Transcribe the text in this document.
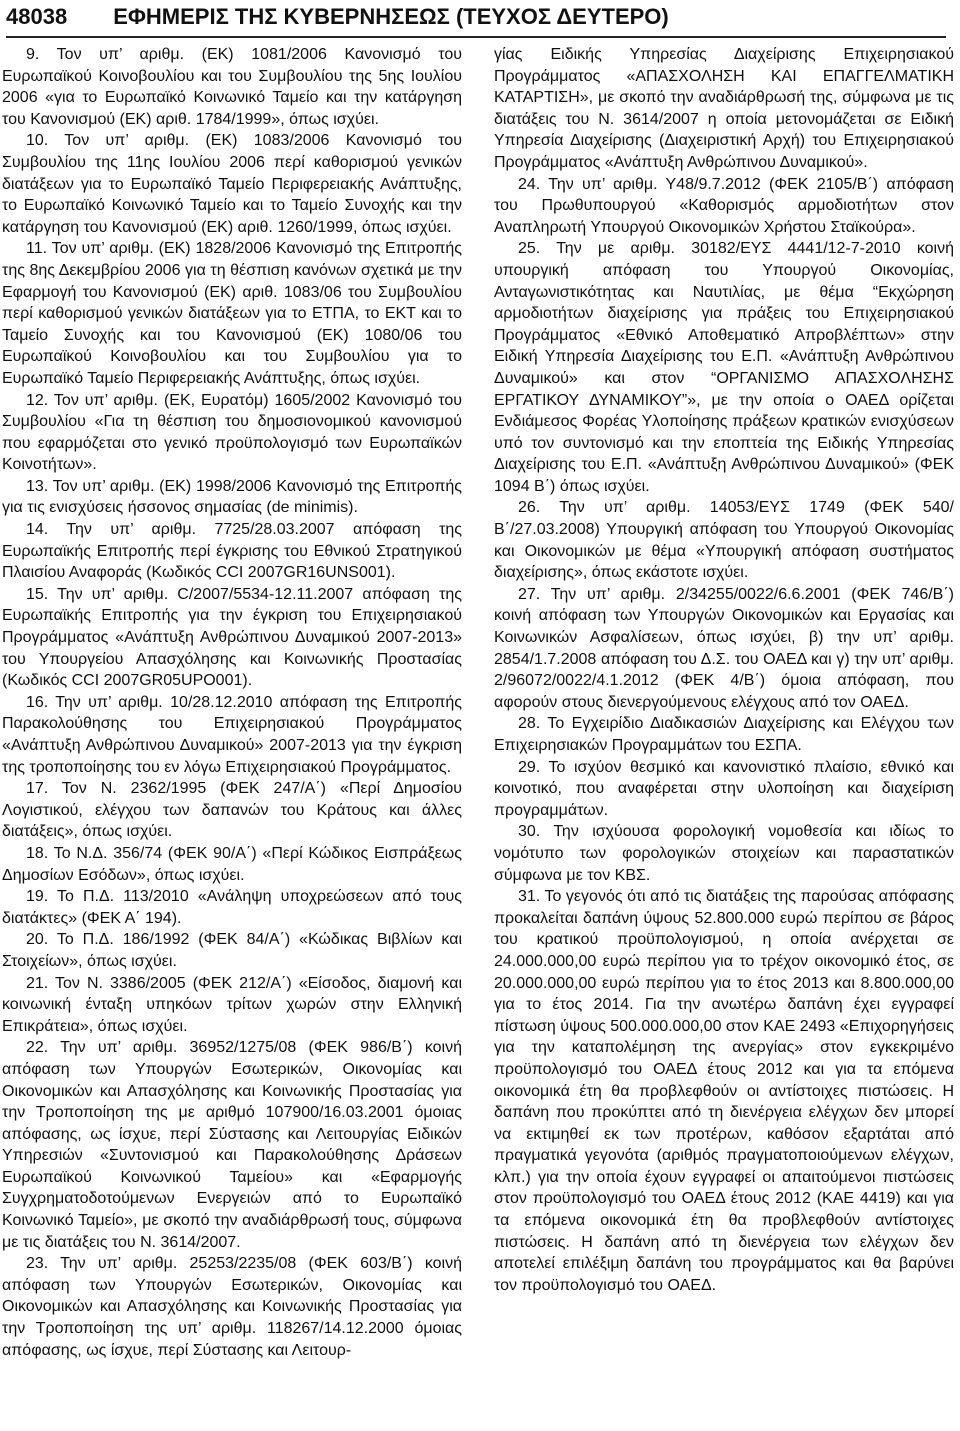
48038 ΕΦΗΜΕΡΙΣ ΤΗΣ ΚΥΒΕΡΝΗΣΕΩΣ (ΤΕΥΧΟΣ ΔΕΥΤΕΡΟ)

9. Τον υπ’ αριθμ. (ΕΚ) 1081/2006 Κανονισμό του Ευρωπαϊκού Κοινοβουλίου και του Συμβουλίου της 5ης Ιουλίου 2006 «για το Ευρωπαϊκό Κοινωνικό Ταμείο και την κατάργηση του Κανονισμού (ΕΚ) αριθ. 1784/1999», όπως ισχύει.

10. Τον υπ’ αριθμ. (ΕΚ) 1083/2006 Κανονισμό του Συμβουλίου της 11ης Ιουλίου 2006 περί καθορισμού γενικών διατάξεων για το Ευρωπαϊκό Ταμείο Περιφερειακής Ανάπτυξης, το Ευρωπαϊκό Κοινωνικό Ταμείο και το Ταμείο Συνοχής και την κατάργηση του Κανονισμού (ΕΚ) αριθ. 1260/1999, όπως ισχύει.

11. Τον υπ’ αριθμ. (ΕΚ) 1828/2006 Κανονισμό της Επιτροπής της 8ης Δεκεμβρίου 2006 για τη θέσπιση κανόνων σχετικά με την Εφαρμογή του Κανονισμού (ΕΚ) αριθ. 1083/06 του Συμβουλίου περί καθορισμού γενικών διατάξεων για το ΕΤΠΑ, το ΕΚΤ και το Ταμείο Συνοχής και του Κανονισμού (ΕΚ) 1080/06 του Ευρωπαϊκού Κοινοβουλίου και του Συμβουλίου για το Ευρωπαϊκό Ταμείο Περιφερειακής Ανάπτυξης, όπως ισχύει.

12. Τον υπ’ αριθμ. (ΕΚ, Ευρατόμ) 1605/2002 Κανονισμό του Συμβουλίου «Για τη θέσπιση του δημοσιονομικού κανονισμού που εφαρμόζεται στο γενικό προϋπολογισμό των Ευρωπαϊκών Κοινοτήτων».

13. Τον υπ’ αριθμ. (ΕΚ) 1998/2006 Κανονισμό της Επιτροπής για τις ενισχύσεις ήσσονος σημασίας (de minimis).

14. Την υπ’ αριθμ. 7725/28.03.2007 απόφαση της Ευρωπαϊκής Επιτροπής περί έγκρισης του Εθνικού Στρατηγικού Πλαισίου Αναφοράς (Κωδικός CCI 2007GR16UNS001).

15. Την υπ’ αριθμ. C/2007/5534-12.11.2007 απόφαση της Ευρωπαϊκής Επιτροπής για την έγκριση του Επιχειρησιακού Προγράμματος «Ανάπτυξη Ανθρώπινου Δυναμικού 2007-2013» του Υπουργείου Απασχόλησης και Κοινωνικής Προστασίας (Κωδικός CCI 2007GR05UPO001).

16. Την υπ’ αριθμ. 10/28.12.2010 απόφαση της Επιτροπής Παρακολούθησης του Επιχειρησιακού Προγράμματος «Ανάπτυξη Ανθρώπινου Δυναμικού» 2007-2013 για την έγκριση της τροποποίησης του εν λόγω Επιχειρησιακού Προγράμματος.

17. Τον Ν. 2362/1995 (ΦΕΚ 247/Α΄) «Περί Δημοσίου Λογιστικού, ελέγχου των δαπανών του Κράτους και άλλες διατάξεις», όπως ισχύει.

18. Το Ν.Δ. 356/74 (ΦΕΚ 90/Α΄) «Περί Κώδικος Εισπράξεως Δημοσίων Εσόδων», όπως ισχύει.

19. Το Π.Δ. 113/2010 «Ανάληψη υποχρεώσεων από τους διατάκτες» (ΦΕΚ Α΄ 194).

20. Το Π.Δ. 186/1992 (ΦΕΚ 84/Α΄) «Κώδικας Βιβλίων και Στοιχείων», όπως ισχύει.

21. Τον Ν. 3386/2005 (ΦΕΚ 212/Α΄) «Είσοδος, διαμονή και κοινωνική ένταξη υπηκόων τρίτων χωρών στην Ελληνική Επικράτεια», όπως ισχύει.

22. Την υπ’ αριθμ. 36952/1275/08 (ΦΕΚ 986/Β΄) κοινή απόφαση των Υπουργών Εσωτερικών, Οικονομίας και Οικονομικών και Απασχόλησης και Κοινωνικής Προστασίας για την Τροποποίηση της με αριθμό 107900/16.03.2001 όμοιας απόφασης, ως ίσχυε, περί Σύστασης και Λειτουργίας Ειδικών Υπηρεσιών «Συντονισμού και Παρακολούθησης Δράσεων Ευρωπαϊκού Κοινωνικού Ταμείου» και «Εφαρμογής Συγχρηματοδοτούμενων Ενεργειών από το Ευρωπαϊκό Κοινωνικό Ταμείο», με σκοπό την αναδιάρθρωσή τους, σύμφωνα με τις διατάξεις του Ν. 3614/2007.

23. Την υπ’ αριθμ. 25253/2235/08 (ΦΕΚ 603/Β΄) κοινή απόφαση των Υπουργών Εσωτερικών, Οικονομίας και Οικονομικών και Απασχόλησης και Κοινωνικής Προστασίας για την Τροποποίηση της υπ’ αριθμ. 118267/14.12.2000 όμοιας απόφασης, ως ίσχυε, περί Σύστασης και Λειτουρ-

γίας Ειδικής Υπηρεσίας Διαχείρισης Επιχειρησιακού Προγράμματος «ΑΠΑΣΧΟΛΗΣΗ ΚΑΙ ΕΠΑΓΓΕΛΜΑΤΙΚΗ ΚΑΤΑΡΤΙΣΗ», με σκοπό την αναδιάρθρωσή της, σύμφωνα με τις διατάξεις του Ν. 3614/2007 η οποία μετονομάζεται σε Ειδική Υπηρεσία Διαχείρισης (Διαχειριστική Αρχή) του Επιχειρησιακού Προγράμματος «Ανάπτυξη Ανθρώπινου Δυναμικού».

24. Την υπ’ αριθμ. Υ48/9.7.2012 (ΦΕΚ 2105/Β΄) απόφαση του Πρωθυπουργού «Καθορισμός αρμοδιοτήτων στον Αναπληρωτή Υπουργού Οικονομικών Χρήστου Σταϊκούρα».

25. Την με αριθμ. 30182/ΕΥΣ 4441/12-7-2010 κοινή υπουργική απόφαση του Υπουργού Οικονομίας, Ανταγωνιστικότητας και Ναυτιλίας, με θέμα “Εκχώρηση αρμοδιοτήτων διαχείρισης για πράξεις του Επιχειρησιακού Προγράμματος «Εθνικό Αποθεματικό Απροβλέπτων» στην Ειδική Υπηρεσία Διαχείρισης του Ε.Π. «Ανάπτυξη Ανθρώπινου Δυναμικού» και στον “ΟΡΓΑΝΙΣΜΟ ΑΠΑΣΧΟΛΗΣΗΣ ΕΡΓΑΤΙΚΟΥ ΔΥΝΑΜΙΚΟΥ”», με την οποία ο ΟΑΕΔ ορίζεται Ενδιάμεσος Φορέας Υλοποίησης πράξεων κρατικών ενισχύσεων υπό τον συντονισμό και την εποπτεία της Ειδικής Υπηρεσίας Διαχείρισης του Ε.Π. «Ανάπτυξη Ανθρώπινου Δυναμικού» (ΦΕΚ 1094 Β΄) όπως ισχύει.

26. Την υπ’ αριθμ. 14053/ΕΥΣ 1749 (ΦΕΚ 540/Β΄/27.03.2008) Υπουργική απόφαση του Υπουργού Οικονομίας και Οικονομικών με θέμα «Υπουργική απόφαση συστήματος διαχείρισης», όπως εκάστοτε ισχύει.

27. Την υπ’ αριθμ. 2/34255/0022/6.6.2001 (ΦΕΚ 746/Β΄) κοινή απόφαση των Υπουργών Οικονομικών και Εργασίας και Κοινωνικών Ασφαλίσεων, όπως ισχύει, β) την υπ’ αριθμ. 2854/1.7.2008 απόφαση του Δ.Σ. του ΟΑΕΔ και γ) την υπ’ αριθμ. 2/96072/0022/4.1.2012 (ΦΕΚ 4/Β΄) όμοια απόφαση, που αφορούν στους διενεργούμενους ελέγχους από τον ΟΑΕΔ.

28. Το Εγχειρίδιο Διαδικασιών Διαχείρισης και Ελέγχου των Επιχειρησιακών Προγραμμάτων του ΕΣΠΑ.

29. Το ισχύον θεσμικό και κανονιστικό πλαίσιο, εθνικό και κοινοτικό, που αναφέρεται στην υλοποίηση και διαχείριση προγραμμάτων.

30. Την ισχύουσα φορολογική νομοθεσία και ιδίως το νομότυπο των φορολογικών στοιχείων και παραστατικών σύμφωνα με τον ΚΒΣ.

31. Το γεγονός ότι από τις διατάξεις της παρούσας απόφασης προκαλείται δαπάνη ύψους 52.800.000 ευρώ περίπου σε βάρος του κρατικού προϋπολογισμού, η οποία ανέρχεται σε 24.000.000,00 ευρώ περίπου για το τρέχον οικονομικό έτος, σε 20.000.000,00 ευρώ περίπου για το έτος 2013 και 8.800.000,00 για το έτος 2014. Για την ανωτέρω δαπάνη έχει εγγραφεί πίστωση ύψους 500.000.000,00 στον ΚΑΕ 2493 «Επιχορηγήσεις για την καταπολέμηση της ανεργίας» στον εγκεκριμένο προϋπολογισμό του ΟΑΕΔ έτους 2012 και για τα επόμενα οικονομικά έτη θα προβλεφθούν οι αντίστοιχες πιστώσεις. Η δαπάνη που προκύπτει από τη διενέργεια ελέγχων δεν μπορεί να εκτιμηθεί εκ των προτέρων, καθόσον εξαρτάται από πραγματικά γεγονότα (αριθμός πραγματοποιούμενων ελέγχων, κλπ.) για την οποία έχουν εγγραφεί οι απαιτούμενοι πιστώσεις στον προϋπολογισμό του ΟΑΕΔ έτους 2012 (ΚΑΕ 4419) και για τα επόμενα οικονομικά έτη θα προβλεφθούν αντίστοιχες πιστώσεις. Η δαπάνη από τη διενέργεια των ελέγχων δεν αποτελεί επιλέξιμη δαπάνη του προγράμματος και θα βαρύνει τον προϋπολογισμό του ΟΑΕΔ.
